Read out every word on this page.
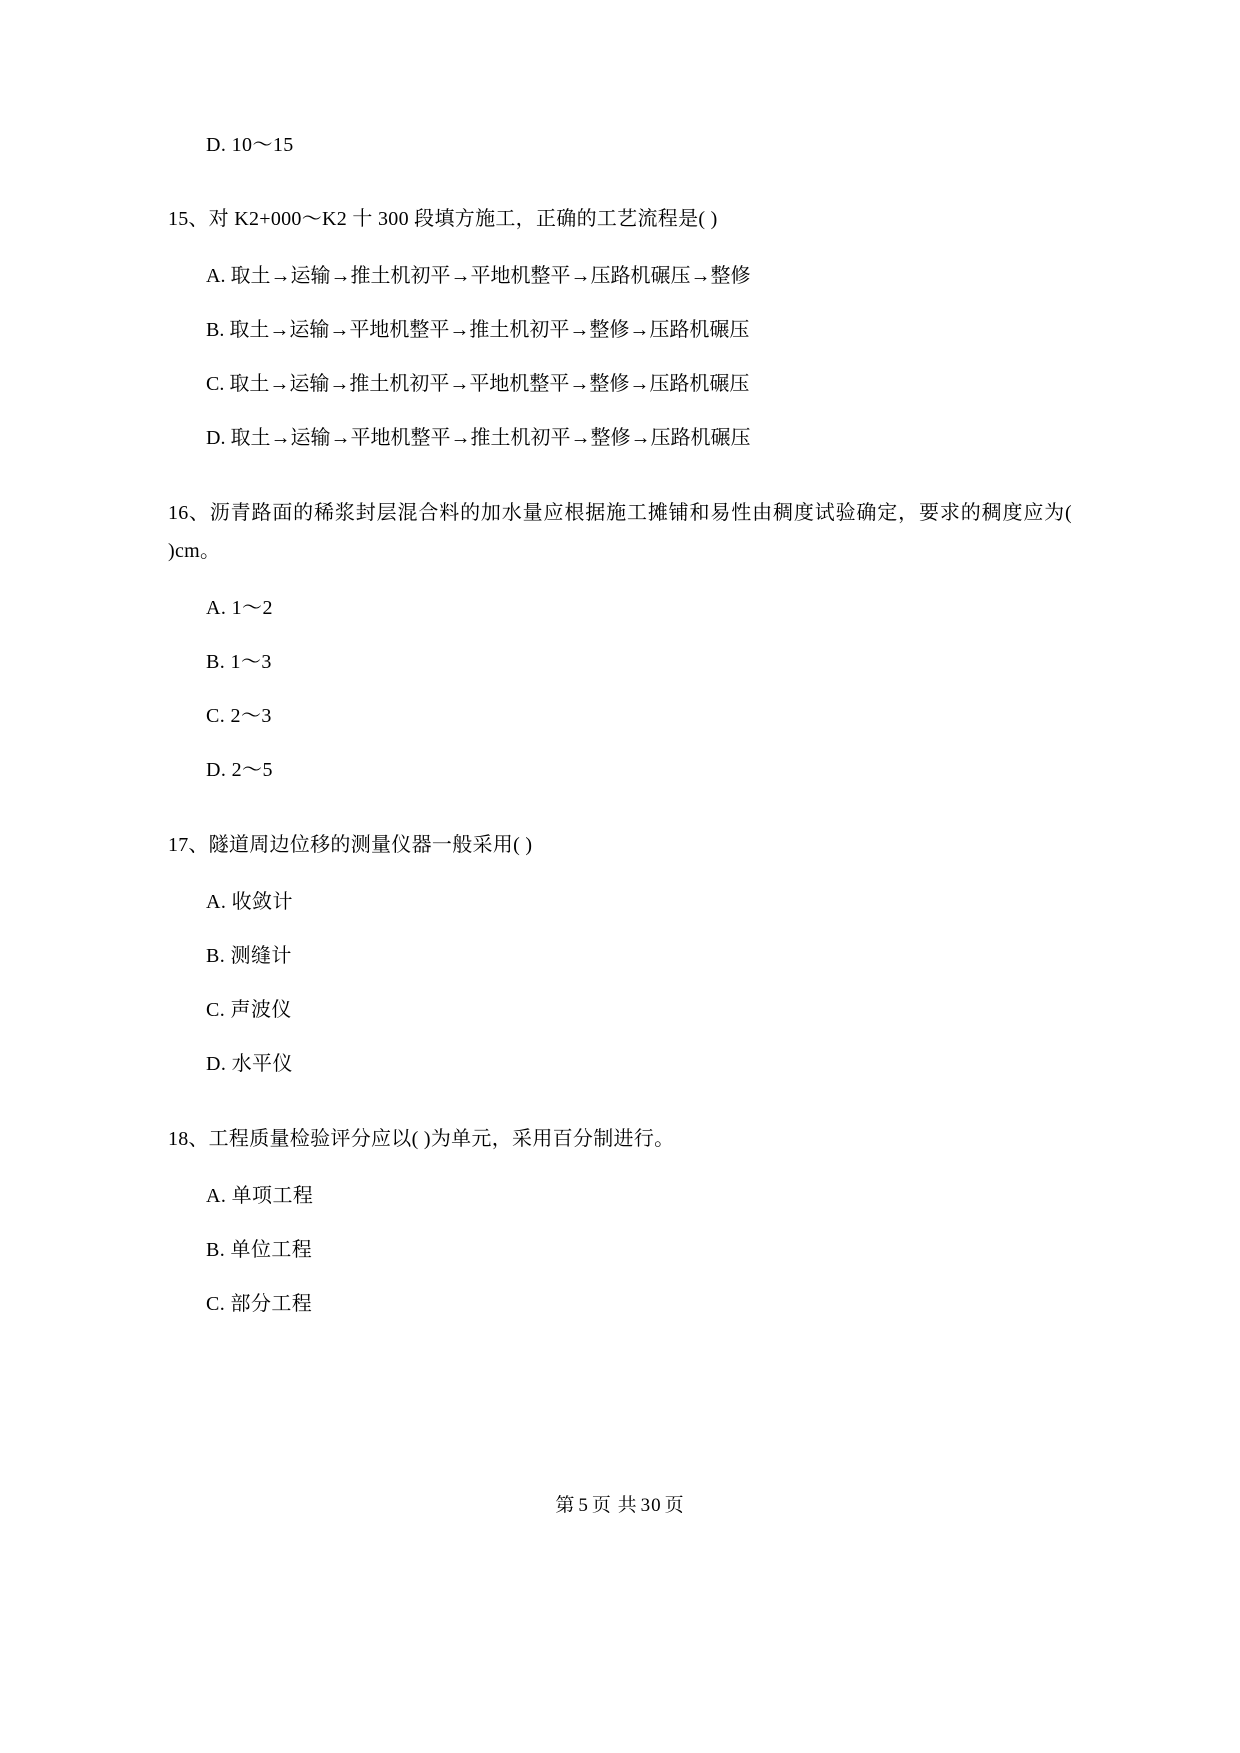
D. 10～15

15、对 K2+000～K2 十 300 段填方施工，正确的工艺流程是( )

A. 取土→运输→推土机初平→平地机整平→压路机碾压→整修
B. 取土→运输→平地机整平→推土机初平→整修→压路机碾压
C. 取土→运输→推土机初平→平地机整平→整修→压路机碾压
D. 取土→运输→平地机整平→推土机初平→整修→压路机碾压

16、沥青路面的稀浆封层混合料的加水量应根据施工摊铺和易性由稠度试验确定，要求的稠度应为( )cm。

A. 1～2
B. 1～3
C. 2～3
D. 2～5

17、隧道周边位移的测量仪器一般采用( )

A. 收敛计
B. 测缝计
C. 声波仪
D. 水平仪

18、工程质量检验评分应以( )为单元，采用百分制进行。

A. 单项工程
B. 单位工程
C. 部分工程
第 5 页 共 30 页
